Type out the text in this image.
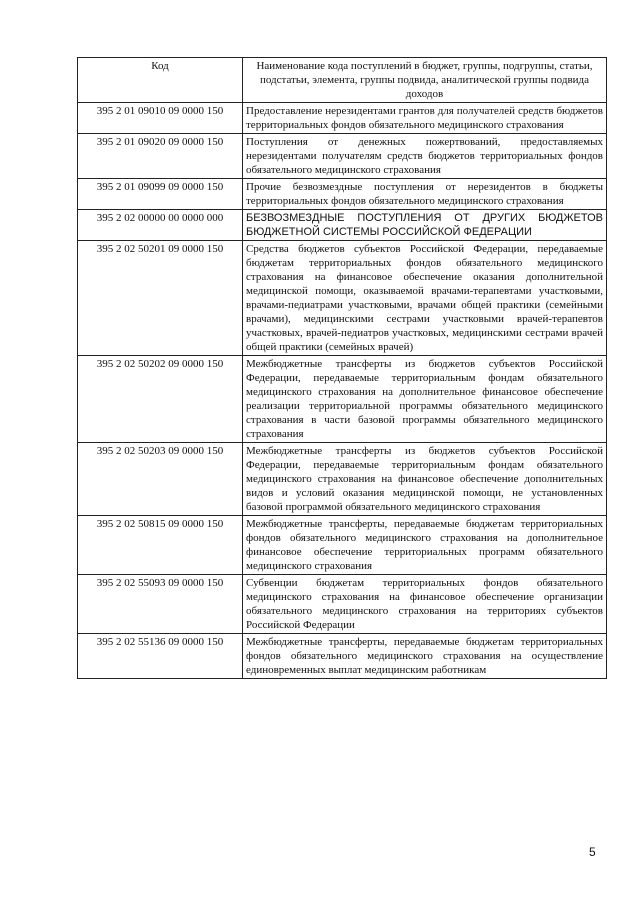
Код	Наименование кода поступлений в бюджет, группы, подгруппы, статьи, подстатьи, элемента, группы подвида, аналитической группы подвида доходов
395 2 01 09010 09 0000 150	Предоставление нерезидентами грантов для получателей средств бюджетов территориальных фондов обязательного медицинского страхования
395 2 01 09020 09 0000 150	Поступления от денежных пожертвований, предоставляемых нерезидентами получателям средств бюджетов территориальных фондов обязательного медицинского страхования
395 2 01 09099 09 0000 150	Прочие безвозмездные поступления от нерезидентов в бюджеты территориальных фондов обязательного медицинского страхования
395 2 02 00000 00 0000 000	БЕЗВОЗМЕЗДНЫЕ ПОСТУПЛЕНИЯ ОТ ДРУГИХ БЮДЖЕТОВ БЮДЖЕТНОЙ СИСТЕМЫ РОССИЙСКОЙ ФЕДЕРАЦИИ
395 2 02 50201 09 0000 150	Средства бюджетов субъектов Российской Федерации, передаваемые бюджетам территориальных фондов обязательного медицинского страхования на финансовое обеспечение оказания дополнительной медицинской помощи, оказываемой врачами-терапевтами участковыми, врачами-педиатрами участковыми, врачами общей практики (семейными врачами), медицинскими сестрами участковыми врачей-терапевтов участковых, врачей-педиатров участковых, медицинскими сестрами врачей общей практики (семейных врачей)
395 2 02 50202 09 0000 150	Межбюджетные трансферты из бюджетов субъектов Российской Федерации, передаваемые территориальным фондам обязательного медицинского страхования на дополнительное финансовое обеспечение реализации территориальной программы обязательного медицинского страхования в части базовой программы обязательного медицинского страхования
395 2 02 50203 09 0000 150	Межбюджетные трансферты из бюджетов субъектов Российской Федерации, передаваемые территориальным фондам обязательного медицинского страхования на финансовое обеспечение дополнительных видов и условий оказания медицинской помощи, не установленных базовой программой обязательного медицинского страхования
395 2 02 50815 09 0000 150	Межбюджетные трансферты, передаваемые бюджетам территориальных фондов обязательного медицинского страхования на дополнительное финансовое обеспечение территориальных программ обязательного медицинского страхования
395 2 02 55093 09 0000 150	Субвенции бюджетам территориальных фондов обязательного медицинского страхования на финансовое обеспечение организации обязательного медицинского страхования на территориях субъектов Российской Федерации
395 2 02 55136 09 0000 150	Межбюджетные трансферты, передаваемые бюджетам территориальных фондов обязательного медицинского страхования на осуществление единовременных выплат медицинским работникам
5
